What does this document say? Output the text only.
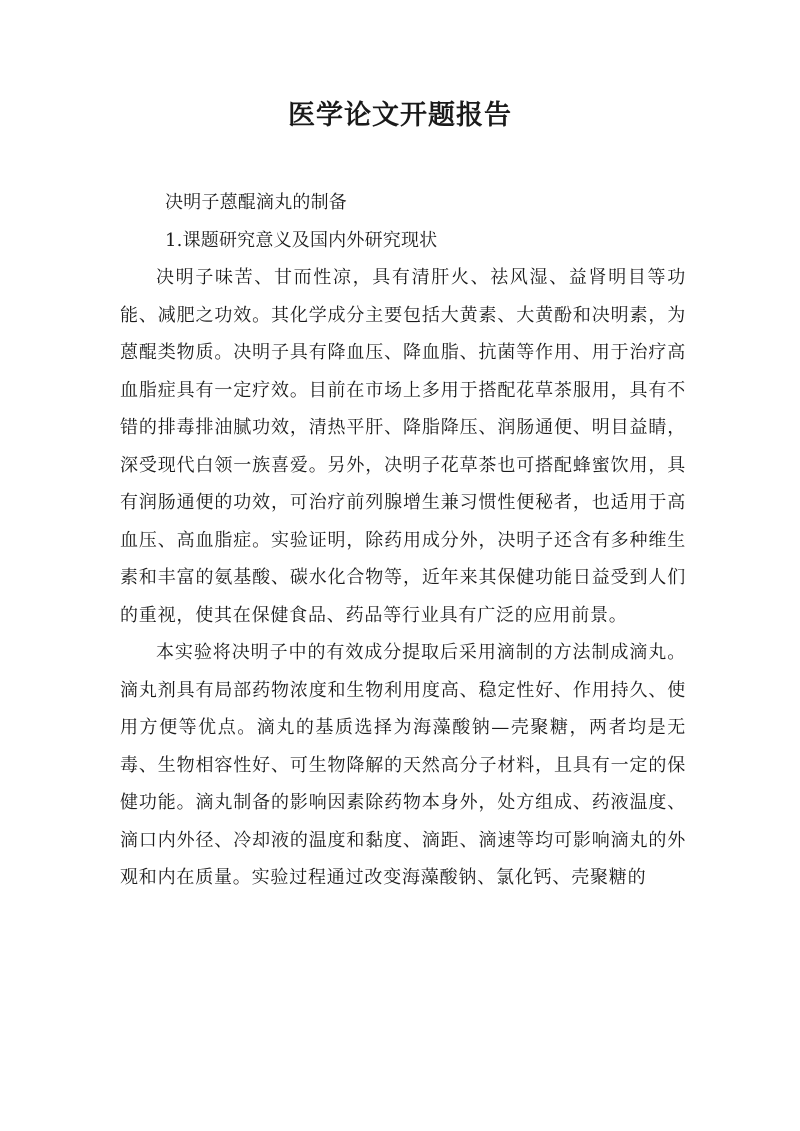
医学论文开题报告

决明子蒽醌滴丸的制备

1.课题研究意义及国内外研究现状

决明子味苦、甘而性凉，具有清肝火、祛风湿、益肾明目等功能、减肥之功效。其化学成分主要包括大黄素、大黄酚和决明素，为蒽醌类物质。决明子具有降血压、降血脂、抗菌等作用、用于治疗高血脂症具有一定疗效。目前在市场上多用于搭配花草茶服用，具有不错的排毒排油腻功效，清热平肝、降脂降压、润肠通便、明目益睛，深受现代白领一族喜爱。另外，决明子花草茶也可搭配蜂蜜饮用，具有润肠通便的功效，可治疗前列腺增生兼习惯性便秘者，也适用于高血压、高血脂症。实验证明，除药用成分外，决明子还含有多种维生素和丰富的氨基酸、碳水化合物等，近年来其保健功能日益受到人们的重视，使其在保健食品、药品等行业具有广泛的应用前景。

本实验将决明子中的有效成分提取后采用滴制的方法制成滴丸。滴丸剂具有局部药物浓度和生物利用度高、稳定性好、作用持久、使用方便等优点。滴丸的基质选择为海藻酸钠—壳聚糖，两者均是无毒、生物相容性好、可生物降解的天然高分子材料，且具有一定的保健功能。滴丸制备的影响因素除药物本身外，处方组成、药液温度、滴口内外径、冷却液的温度和黏度、滴距、滴速等均可影响滴丸的外观和内在质量。实验过程通过改变海藻酸钠、氯化钙、壳聚糖的
